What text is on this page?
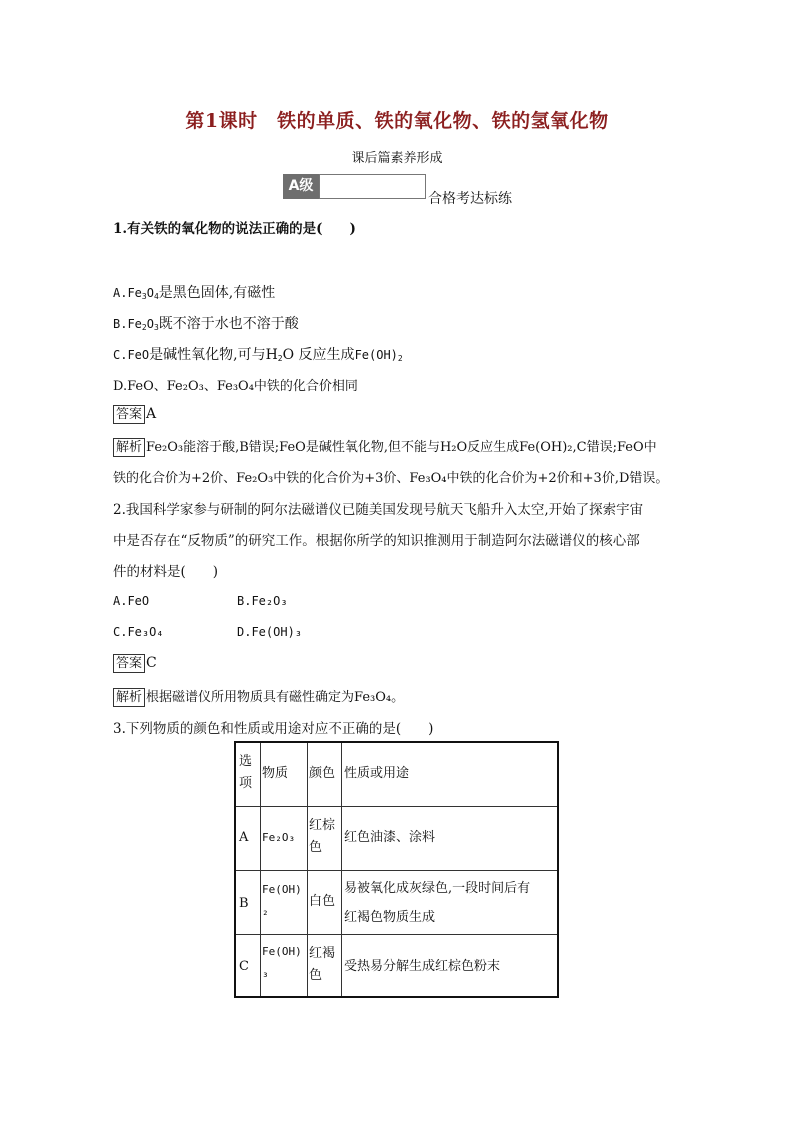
第1课时　铁的单质、铁的氧化物、铁的氢氧化物
课后篇素养形成
A级
合格考达标练
1.有关铁的氧化物的说法正确的是(　　)
$A.Fe_3O_4$是黑色固体,有磁性
$B.Fe_2O_3$既不溶于水也不溶于酸
C.FeO是碱性氧化物,可与$H_2O$ 反应生成$Fe(OH)_2$
D.FeO、Fe₂O₃、Fe₃O₄中铁的化合价相同
答案 A
解析 Fe₂O₃能溶于酸,B错误;FeO是碱性氧化物,但不能与H₂O反应生成Fe(OH)₂,C错误;FeO中
铁的化合价为+2价、Fe₂O₃中铁的化合价为+3价、Fe₃O₄中铁的化合价为+2价和+3价,D错误。
2.我国科学家参与研制的阿尔法磁谱仪已随美国发现号航天飞船升入太空,开始了探索宇宙
中是否存在“反物质”的研究工作。根据你所学的知识推测用于制造阿尔法磁谱仪的核心部
件的材料是(　　)
A.FeO	B.Fe₂O₃
C.Fe₃O₄	D.Fe(OH)₃
答案 C
解析 根据磁谱仪所用物质具有磁性确定为Fe₃O₄。
3.下列物质的颜色和性质或用途对应不正确的是(　　)
选项
物质 颜色 性质或用途
A Fe₂O₃
红棕色
红色油漆、涂料
B
Fe(OH)₂
白色
易被氧化成灰绿色,一段时间后有
红褐色物质生成
C
Fe(OH)₃
红褐色
受热易分解生成红棕色粉末
